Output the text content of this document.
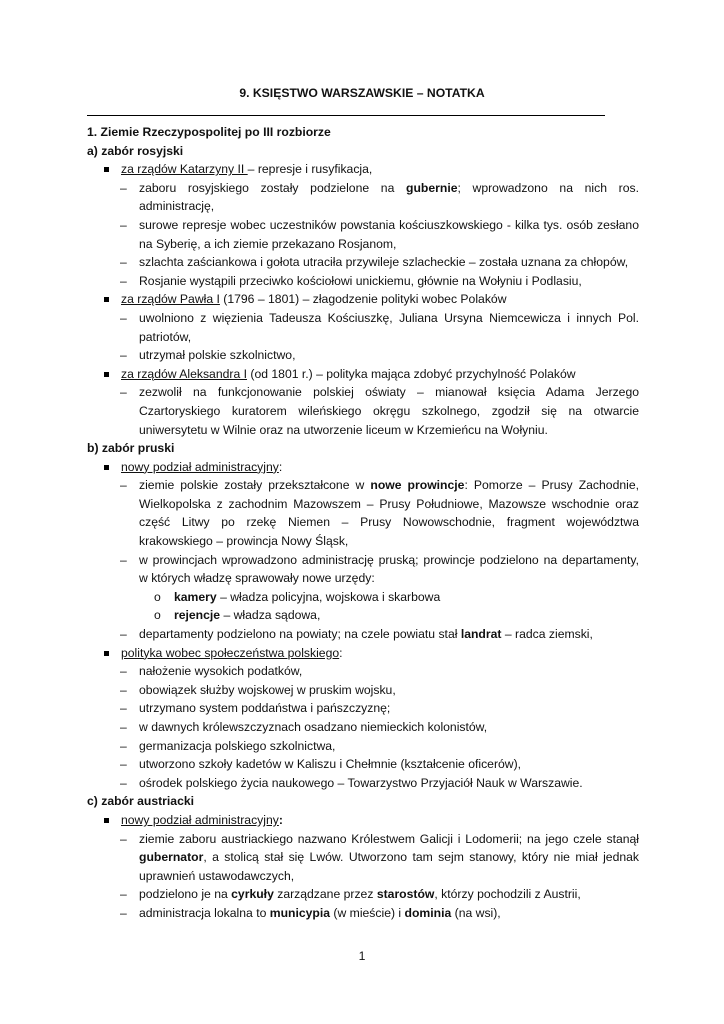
9. KSIĘSTWO WARSZAWSKIE – NOTATKA
1. Ziemie Rzeczypospolitej po III rozbiorze
a) zabór rosyjski
za rządów Katarzyny II – represje i rusyfikacja,
– zaboru rosyjskiego zostały podzielone na gubernie; wprowadzono na nich ros. administrację,
– surowe represje wobec uczestników powstania kościuszkowskiego - kilka tys. osób zesłano na Syberię, a ich ziemie przekazano Rosjanom,
– szlachta zaściankowa i gołota utraciła przywileje szlacheckie – została uznana za chłopów,
– Rosjanie wystąpili przeciwko kościołowi unickiemu, głównie na Wołyniu i Podlasiu,
za rządów Pawła I (1796 – 1801) – złagodzenie polityki wobec Polaków
– uwolniono z więzienia Tadeusza Kościuszkę, Juliana Ursyna Niemcewicza i innych Pol. patriotów,
– utrzymał polskie szkolnictwo,
za rządów Aleksandra I (od 1801 r.) – polityka mająca zdobyć przychylność Polaków
– zezwolił na funkcjonowanie polskiej oświaty – mianował księcia Adama Jerzego Czartoryskiego kuratorem wileńskiego okręgu szkolnego, zgodził się na otwarcie uniwersytetu w Wilnie oraz na utworzenie liceum w Krzemieńcu na Wołyniu.
b) zabór pruski
nowy podział administracyjny:
– ziemie polskie zostały przekształcone w nowe prowincje: Pomorze – Prusy Zachodnie, Wielkopolska z zachodnim Mazowszem – Prusy Południowe, Mazowsze wschodnie oraz część Litwy po rzekę Niemen – Prusy Nowowschodnie, fragment województwa krakowskiego – prowincja Nowy Śląsk,
– w prowincjach wprowadzono administrację pruską; prowincje podzielono na departamenty, w których władzę sprawowały nowe urzędy:
o kamery – władza policyjna, wojskowa i skarbowa
o rejencje – władza sądowa,
– departamenty podzielono na powiaty; na czele powiatu stał landrat – radca ziemski,
polityka wobec społeczeństwa polskiego:
– nałożenie wysokich podatków,
– obowiązek służby wojskowej w pruskim wojsku,
– utrzymano system poddaństwa i pańszczyznę;
– w dawnych królewszczyznach osadzano niemieckich kolonistów,
– germanizacja polskiego szkolnictwa,
– utworzono szkoły kadetów w Kaliszu i Chełmnie (kształcenie oficerów),
– ośrodek polskiego życia naukowego – Towarzystwo Przyjaciół Nauk w Warszawie.
c) zabór austriacki
nowy podział administracyjny:
– ziemie zaboru austriackiego nazwano Królestwem Galicji i Lodomerii; na jego czele stanął gubernator, a stolicą stał się Lwów. Utworzono tam sejm stanowy, który nie miał jednak uprawnień ustawodawczych,
– podzielono je na cyrkuły zarządzane przez starostów, którzy pochodzili z Austrii,
– administracja lokalna to municypia (w mieście) i dominia (na wsi),
1
